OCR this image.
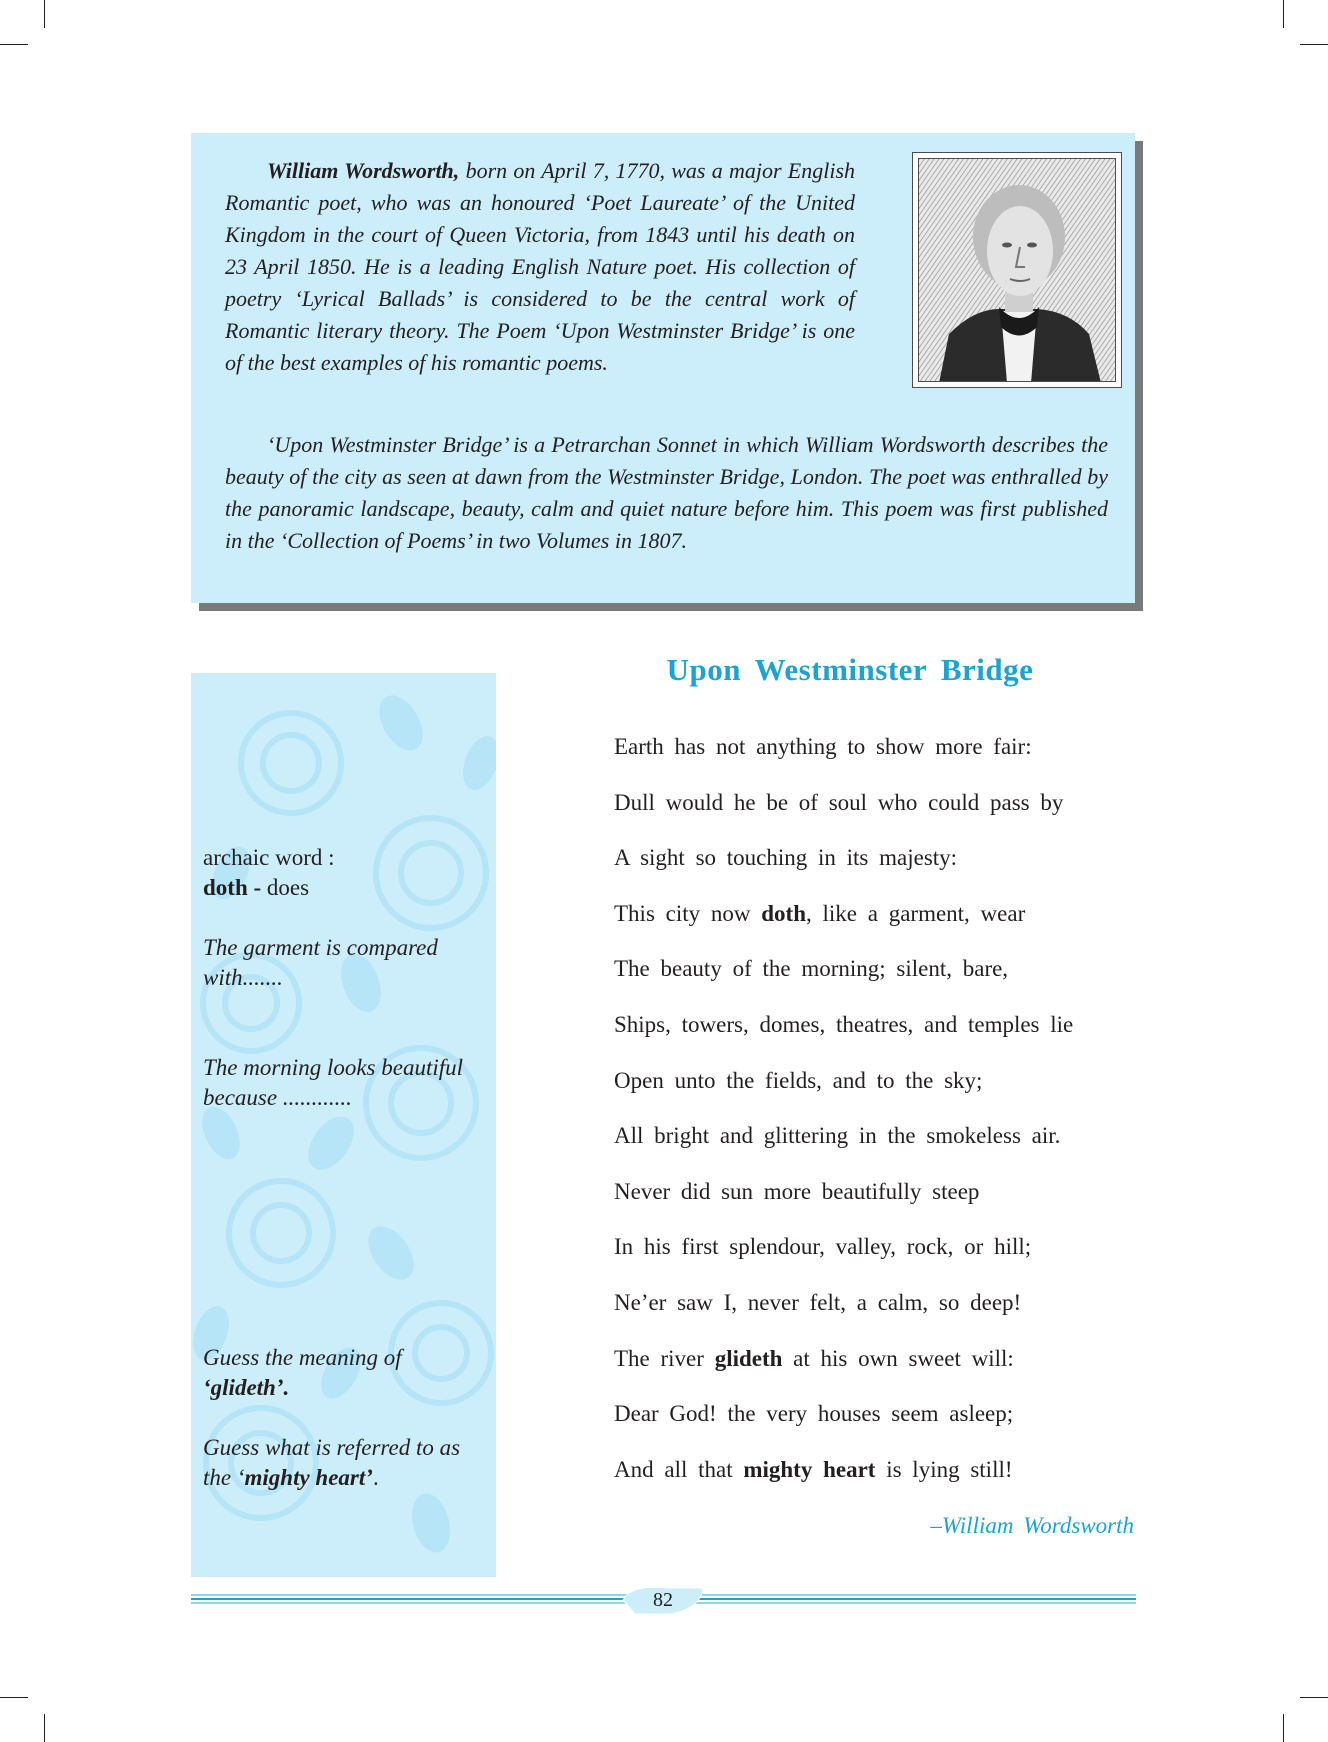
William Wordsworth, born on April 7, 1770, was a major English Romantic poet, who was an honoured ‘Poet Laureate’ of the United Kingdom in the court of Queen Victoria, from 1843 until his death on 23 April 1850. He is a leading English Nature poet. His collection of poetry ‘Lyrical Ballads’ is considered to be the central work of Romantic literary theory. The Poem ‘Upon Westminster Bridge’ is one of the best examples of his romantic poems.

‘Upon Westminster Bridge’ is a Petrarchan Sonnet in which William Wordsworth describes the beauty of the city as seen at dawn from the Westminster Bridge, London. The poet was enthralled by the panoramic landscape, beauty, calm and quiet nature before him. This poem was first published in the ‘Collection of Poems’ in two Volumes in 1807.

archaic word :
doth - does
The garment is compared with.......
The morning looks beautiful because ............
Guess the meaning of
‘glideth’.
Guess what is referred to as the ‘mighty heart’.
Upon Westminster Bridge
Earth has not anything to show more fair:
Dull would he be of soul who could pass by
A sight so touching in its majesty:
This city now doth, like a garment, wear
The beauty of the morning; silent, bare,
Ships, towers, domes, theatres, and temples lie
Open unto the fields, and to the sky;
All bright and glittering in the smokeless air.
Never did sun more beautifully steep
In his first splendour, valley, rock, or hill;
Ne’er saw I, never felt, a calm, so deep!
The river glideth at his own sweet will:
Dear God! the very houses seem asleep;
And all that mighty heart is lying still!
–William Wordsworth
82
